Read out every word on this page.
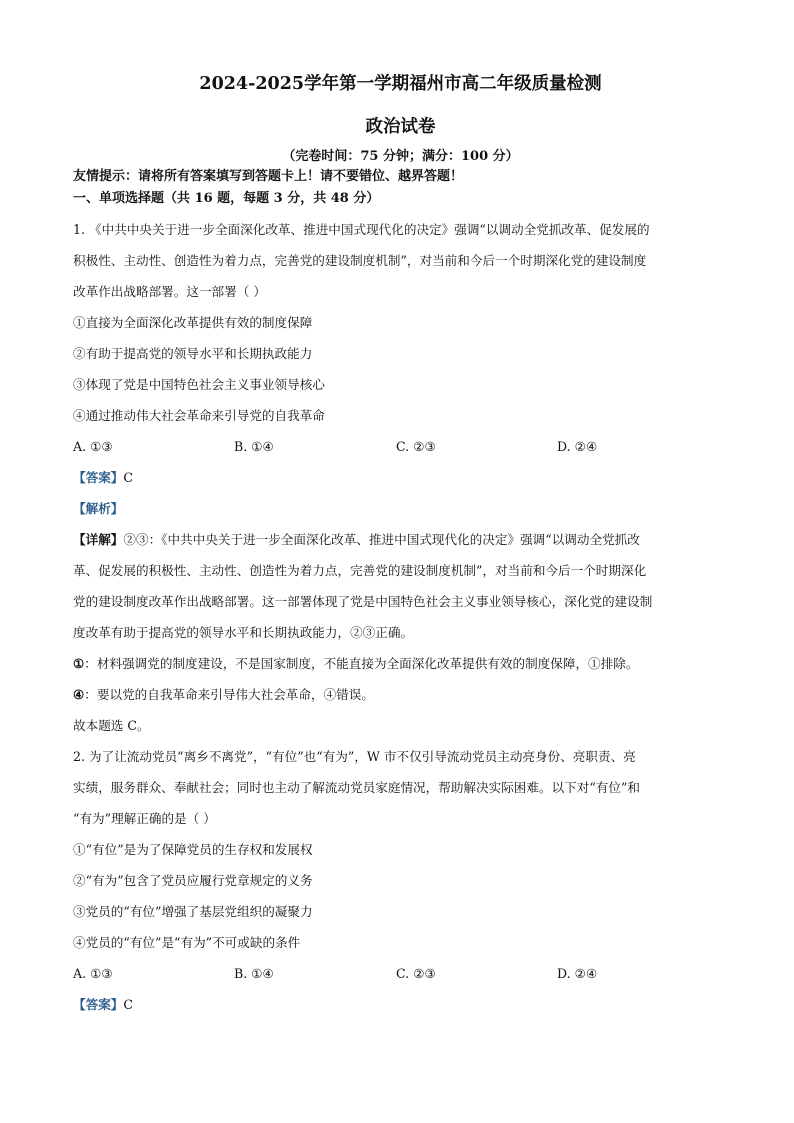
2024-2025学年第一学期福州市高二年级质量检测
政治试卷
（完卷时间：75 分钟；满分：100 分）
友情提示：请将所有答案填写到答题卡上！请不要错位、越界答题！
一、单项选择题（共 16 题，每题 3 分，共 48 分）
1. 《中共中央关于进一步全面深化改革、推进中国式现代化的决定》强调“以调动全党抓改革、促发展的
积极性、主动性、创造性为着力点，完善党的建设制度机制”，对当前和今后一个时期深化党的建设制度
改革作出战略部署。这一部署（ ）
①直接为全面深化改革提供有效的制度保障
②有助于提高党的领导水平和长期执政能力
③体现了党是中国特色社会主义事业领导核心
④通过推动伟大社会革命来引导党的自我革命
A. ①③	B. ①④	C. ②③	D. ②④
【答案】C
【解析】
【详解】②③：《中共中央关于进一步全面深化改革、推进中国式现代化的决定》强调“以调动全党抓改
革、促发展的积极性、主动性、创造性为着力点，完善党的建设制度机制”，对当前和今后一个时期深化
党的建设制度改革作出战略部署。这一部署体现了党是中国特色社会主义事业领导核心，深化党的建设制
度改革有助于提高党的领导水平和长期执政能力，②③正确。
①：材料强调党的制度建设，不是国家制度，不能直接为全面深化改革提供有效的制度保障，①排除。
④：要以党的自我革命来引导伟大社会革命，④错误。
故本题选 C。
2. 为了让流动党员“离乡不离党”，“有位”也“有为”，W 市不仅引导流动党员主动亮身份、亮职责、亮
实绩，服务群众、奉献社会；同时也主动了解流动党员家庭情况，帮助解决实际困难。以下对“有位”和
“有为”理解正确的是（ ）
①“有位”是为了保障党员的生存权和发展权
②“有为”包含了党员应履行党章规定的义务
③党员的“有位”增强了基层党组织的凝聚力
④党员的“有位”是“有为”不可或缺的条件
A. ①③	B. ①④	C. ②③	D. ②④
【答案】C
